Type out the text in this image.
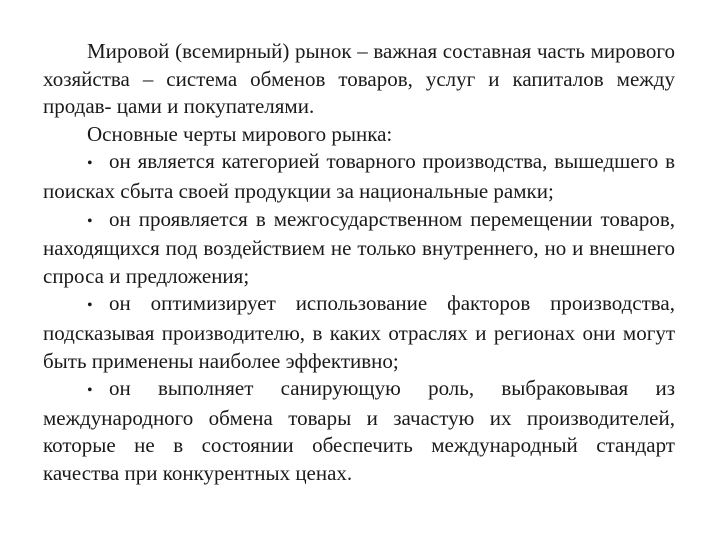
Мировой (всемирный) рынок – важная составная часть мирового хозяйства – система обменов товаров, услуг и капиталов между продав- цами и покупателями.

Основные черты мирового рынка:

• он является категорией товарного производства, вышедшего в поисках сбыта своей продукции за национальные рамки;
• он проявляется в межгосударственном перемещении товаров, находящихся под воздействием не только внутреннего, но и внешнего спроса и предложения;
• он оптимизирует использование факторов производства, подсказывая производителю, в каких отраслях и регионах они могут быть применены наиболее эффективно;
• он выполняет санирующую роль, выбраковывая из международного обмена товары и зачастую их производителей, которые не в состоянии обеспечить международный стандарт качества при конкурентных ценах.
